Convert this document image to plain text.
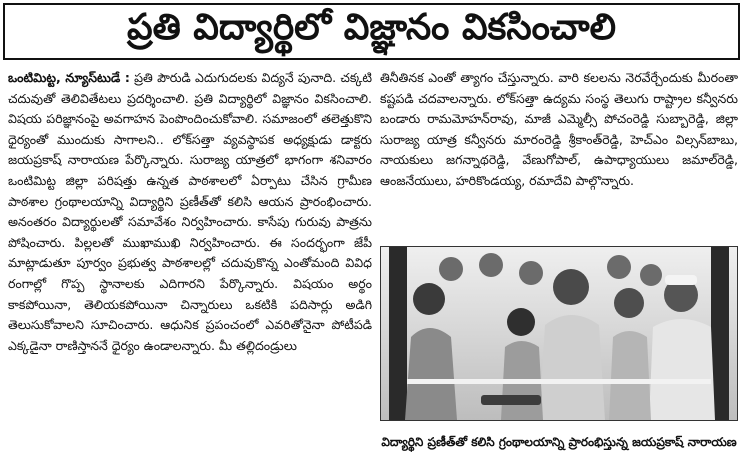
ప్రతి విద్యార్థిలో విజ్ఞానం వికసించాలి

ఒంటిమిట్ట, న్యూస్‌టుడే : ప్రతి పౌరుడి ఎదుగుదలకు విద్యనే పునాది. చక్కటి చదువుతో తెలివితేటలు ప్రదర్శించాలి. ప్రతి విద్యార్థిలో విజ్ఞానం వికసించాలి. విషయ పరిజ్ఞానంపై అవగాహన పెంపొందించుకోవాలి. సమాజంలో తలెత్తుకొని ధైర్యంతో ముందుకు సాగాలని.. లోక్‌సత్తా వ్యవస్థాపక అధ్యక్షుడు డాక్టరు జయప్రకాష్ నారాయణ పేర్కొన్నారు. సురాజ్య యాత్రలో భాగంగా శనివారం ఒంటిమిట్ట జిల్లా పరిషత్తు ఉన్నత పాఠశాలలో ఏర్పాటు చేసిన గ్రామీణ పాఠశాల గ్రంథాలయాన్ని విద్యార్థిని ప్రణీత్‌తో కలిసి ఆయన ప్రారంభించారు. అనంతరం విద్యార్థులతో సమావేశం నిర్వహించారు. కాసేపు గురువు పాత్రను పోషించారు. పిల్లలతో ముఖాముఖి నిర్వహించారు. ఈ సందర్భంగా జేపీ మాట్లాడుతూ పూర్వం ప్రభుత్వ పాఠశాలల్లో చదువుకొన్న ఎంతోమంది వివిధ రంగాల్లో గొప్ప స్థానాలకు ఎదిగారని పేర్కొన్నారు. విషయం అర్థం కాకపోయినా, తెలియకపోయినా చిన్నారులు ఒకటికి పదిసార్లు అడిగి తెలుసుకోవాలని సూచించారు. ఆధునిక ప్రపంచంలో ఎవరితోనైనా పోటీపడి ఎక్కడైనా రాణిస్తాననే ధైర్యం ఉండాలన్నారు. మీ తల్లిదండ్రులు

తినీతినక ఎంతో త్యాగం చేస్తున్నారు. వారి కలలను నెరవేర్చేందుకు మీరంతా కష్టపడి చదవాలన్నారు. లోక్‌సత్తా ఉద్యమ సంస్థ తెలుగు రాష్ట్రాల కన్వీనరు బండారు రామమోహన్‌రావు, మాజీ ఎమ్మెల్సీ పోచంరెడ్డి సుబ్బారెడ్డి, జిల్లా సురాజ్య యాత్ర కన్వీనరు మారంరెడ్డి శ్రీకాంత్‌రెడ్డి, హెచ్ఎం విల్సన్‌బాబు, నాయకులు జగన్నాథరెడ్డి, వేణుగోపాల్, ఉపాధ్యాయులు జమాల్‌రెడ్డి, ఆంజనేయులు, హరికొండయ్య, రమాదేవి పాల్గొన్నారు.

విద్యార్థిని ప్రణీత్‌తో కలిసి గ్రంథాలయాన్ని ప్రారంభిస్తున్న జయప్రకాష్ నారాయణ
